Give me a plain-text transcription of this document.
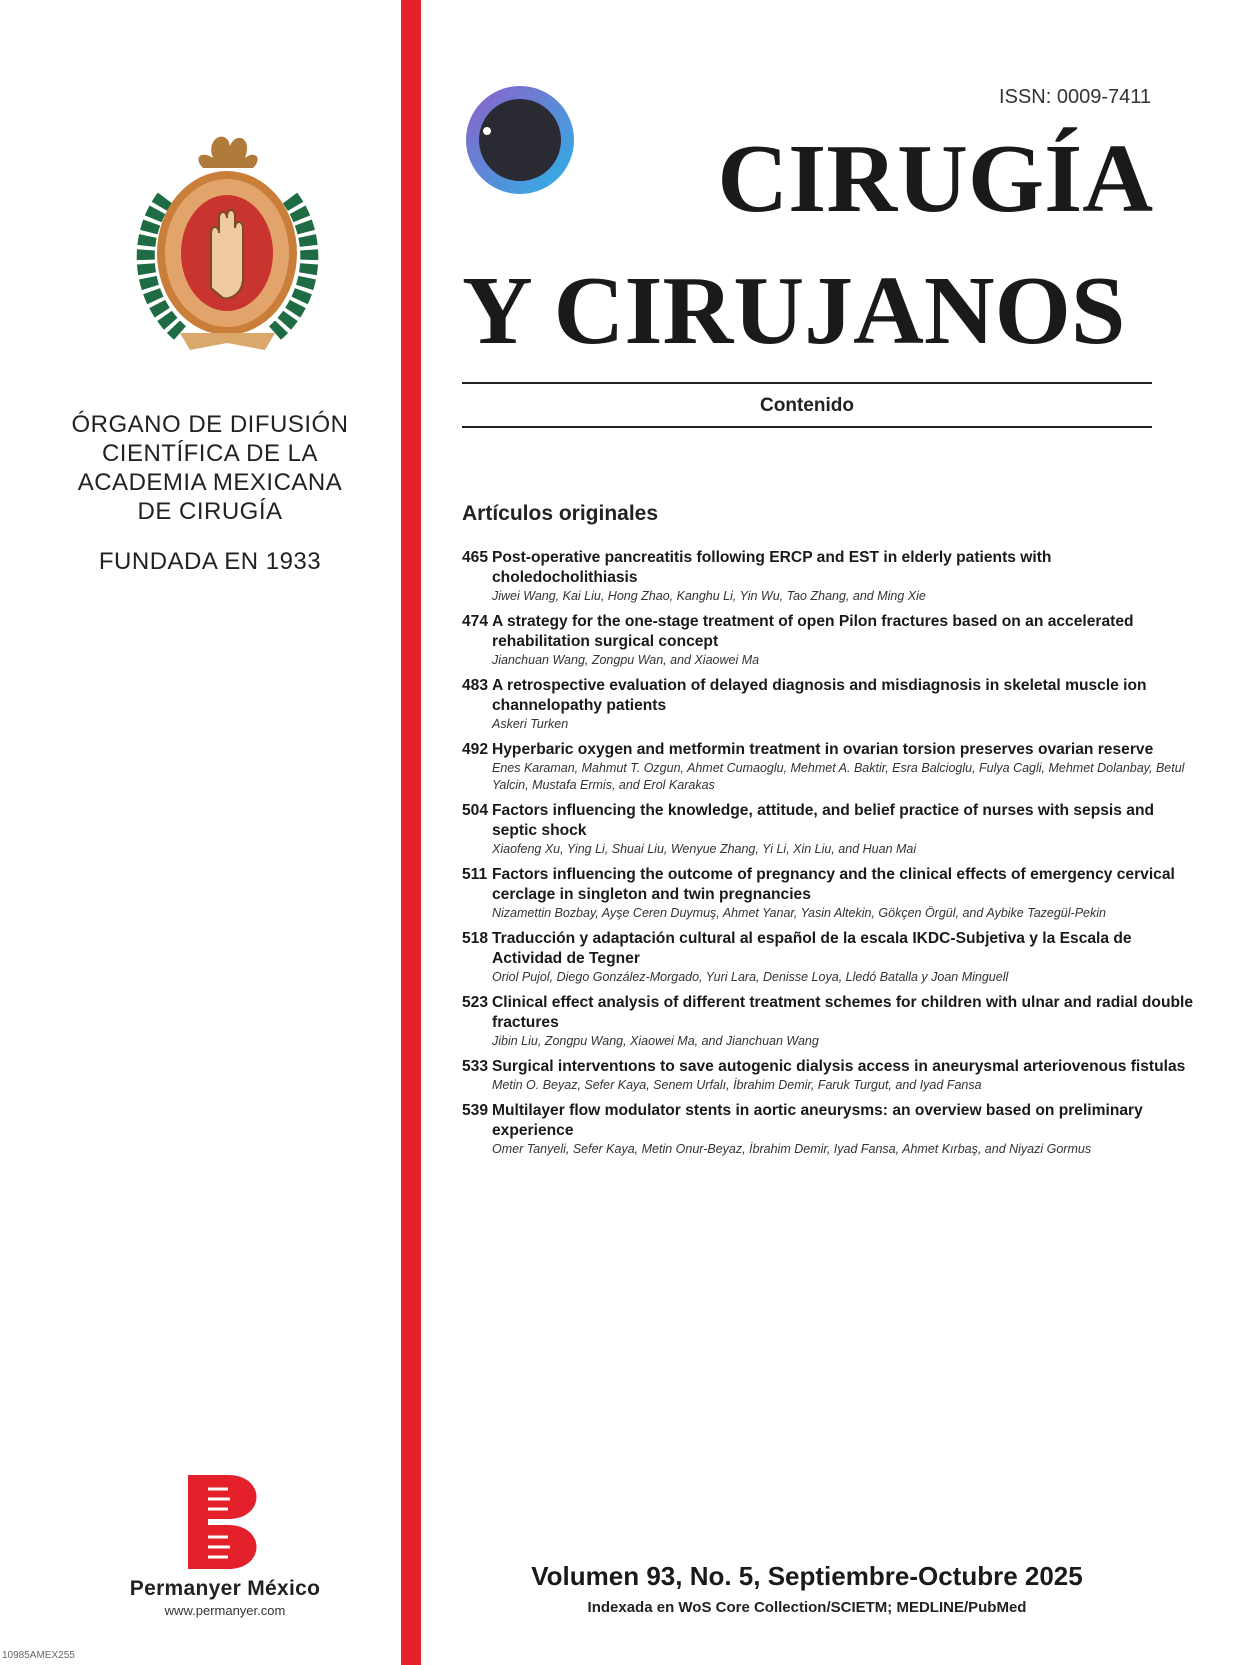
ÓRGANO DE DIFUSIÓN
CIENTÍFICA DE LA
ACADEMIA MEXICANA
DE CIRUGÍA
FUNDADA EN 1933
Permanyer México
www.permanyer.com
10985AMEX255
ISSN: 0009-7411
CIRUGÍA
Y CIRUJANOS
Contenido
Artículos originales
465 Post-operative pancreatitis following ERCP and EST in elderly patients with choledocholithiasis
Jiwei Wang, Kai Liu, Hong Zhao, Kanghu Li, Yin Wu, Tao Zhang, and Ming Xie
474 A strategy for the one-stage treatment of open Pilon fractures based on an accelerated rehabilitation surgical concept
Jianchuan Wang, Zongpu Wan, and Xiaowei Ma
483 A retrospective evaluation of delayed diagnosis and misdiagnosis in skeletal muscle ion channelopathy patients
Askeri Turken
492 Hyperbaric oxygen and metformin treatment in ovarian torsion preserves ovarian reserve
Enes Karaman, Mahmut T. Ozgun, Ahmet Cumaoglu, Mehmet A. Baktir, Esra Balcioglu, Fulya Cagli, Mehmet Dolanbay, Betul Yalcin, Mustafa Ermis, and Erol Karakas
504 Factors influencing the knowledge, attitude, and belief practice of nurses with sepsis and septic shock
Xiaofeng Xu, Ying Li, Shuai Liu, Wenyue Zhang, Yi Li, Xin Liu, and Huan Mai
511 Factors influencing the outcome of pregnancy and the clinical effects of emergency cervical cerclage in singleton and twin pregnancies
Nizamettin Bozbay, Ayşe Ceren Duymuş, Ahmet Yanar, Yasin Altekin, Gökçen Örgül, and Aybike Tazegül-Pekin
518 Traducción y adaptación cultural al español de la escala IKDC-Subjetiva y la Escala de Actividad de Tegner
Oriol Pujol, Diego González-Morgado, Yuri Lara, Denisse Loya, Lledó Batalla y Joan Minguell
523 Clinical effect analysis of different treatment schemes for children with ulnar and radial double fractures
Jibin Liu, Zongpu Wang, Xiaowei Ma, and Jianchuan Wang
533 Surgical interventıons to save autogenic dialysis access in aneurysmal arteriovenous fistulas
Metin O. Beyaz, Sefer Kaya, Senem Urfalı, İbrahim Demir, Faruk Turgut, and Iyad Fansa
539 Multilayer flow modulator stents in aortic aneurysms: an overview based on preliminary experience
Omer Tanyeli, Sefer Kaya, Metin Onur-Beyaz, İbrahim Demir, Iyad Fansa, Ahmet Kırbaş, and Niyazi Gormus
Volumen 93, No. 5, Septiembre-Octubre 2025
Indexada en WoS Core Collection/SCIETM; MEDLINE/PubMed
